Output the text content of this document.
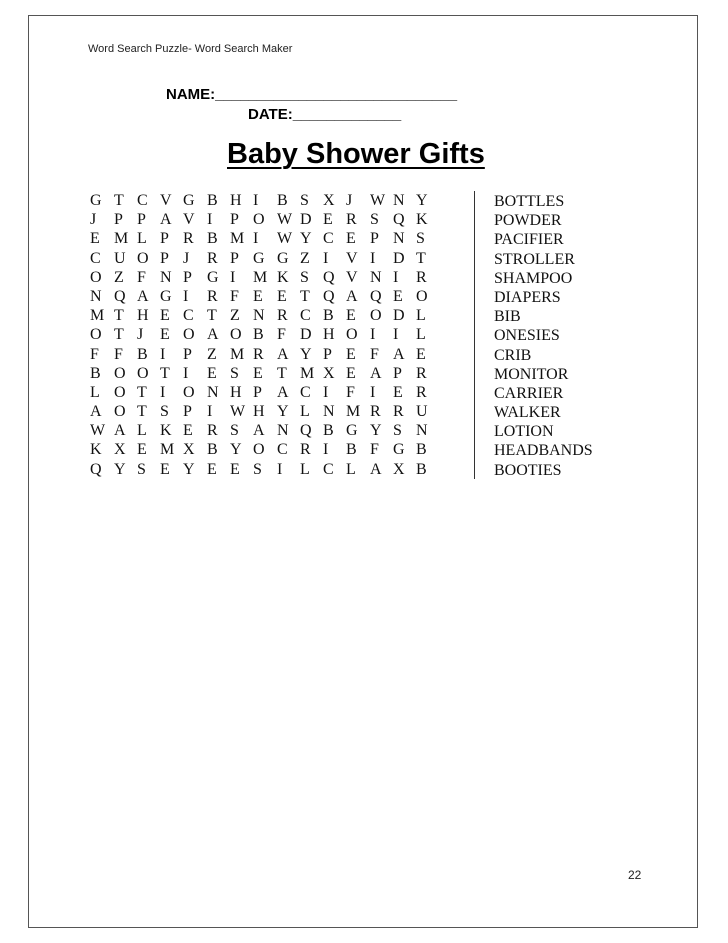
Word Search Puzzle- Word Search Maker
NAME:_____________________________
DATE:_____________
Baby Shower Gifts
G T C V G B H I B S X J W N Y
J P P A V I P O W D E R S Q K
E M L P R B M I W Y C E P N S
C U O P J R P G G Z I V I D T
O Z F N P G I M K S Q V N I R
N Q A G I R F E E T Q A Q E O
M T H E C T Z N R C B E O D L
O T J E O A O B F D H O I I L
F F B I P Z M R A Y P E F A E
B O O T I E S E T M X E A P R
L O T I O N H P A C I F I E R
A O T S P I W H Y L N M R R U
W A L K E R S A N Q B G Y S N
K X E M X B Y O C R I B F G B
Q Y S E Y E E S I L C L A X B
BOTTLES
POWDER
PACIFIER
STROLLER
SHAMPOO
DIAPERS
BIB
ONESIES
CRIB
MONITOR
CARRIER
WALKER
LOTION
HEADBANDS
BOOTIES
22
